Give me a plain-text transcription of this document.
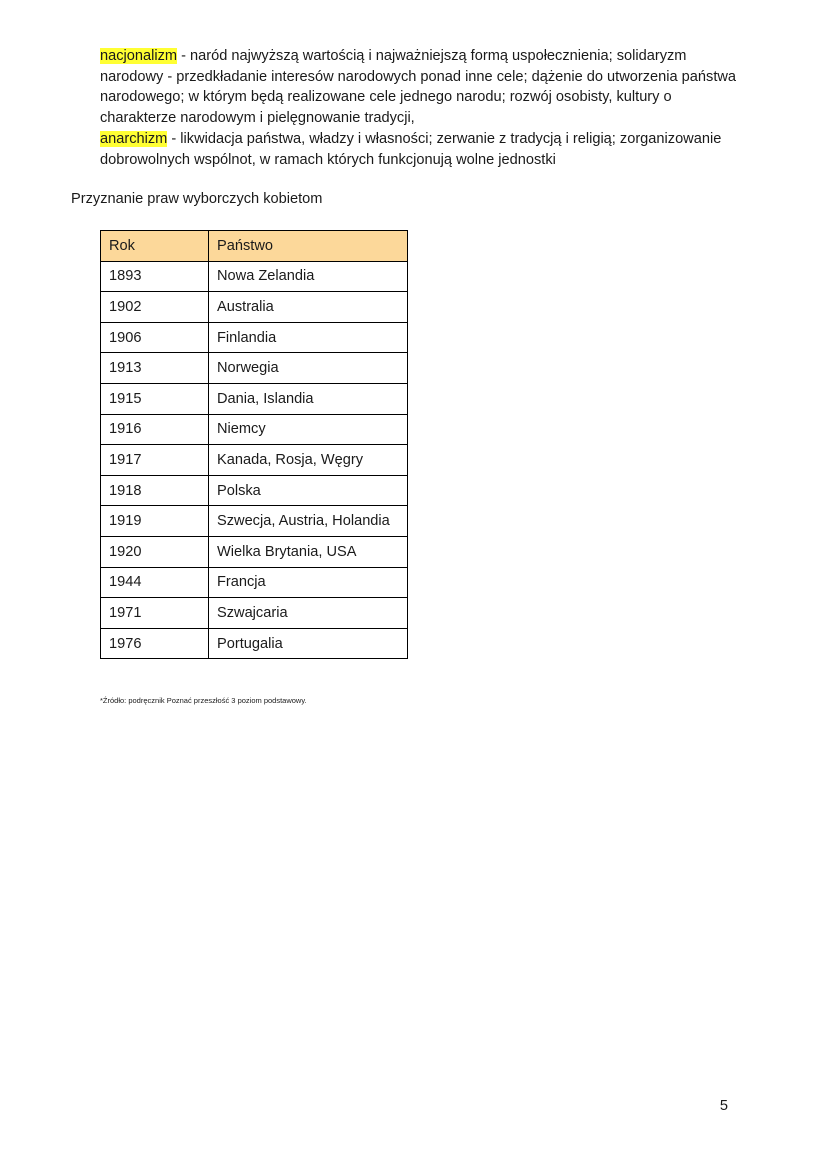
nacjonalizm - naród najwyższą wartością i najważniejszą formą uspołecznienia; solidaryzm narodowy - przedkładanie interesów narodowych ponad inne cele; dążenie do utworzenia państwa narodowego; w którym będą realizowane cele jednego narodu; rozwój osobisty, kultury o charakterze narodowym i pielęgnowanie tradycji,

anarchizm - likwidacja państwa, władzy i własności; zerwanie z tradycją i religią; zorganizowanie dobrowolnych wspólnot, w ramach których funkcjonują wolne jednostki

Przyznanie praw wyborczych kobietom
Rok	Państwo
1893	Nowa Zelandia
1902	Australia
1906	Finlandia
1913	Norwegia
1915	Dania, Islandia
1916	Niemcy
1917	Kanada, Rosja, Węgry
1918	Polska
1919	Szwecja, Austria, Holandia
1920	Wielka Brytania, USA
1944	Francja
1971	Szwajcaria
1976	Portugalia
*Źródło: podręcznik Poznać przeszłość 3 poziom podstawowy.
5
